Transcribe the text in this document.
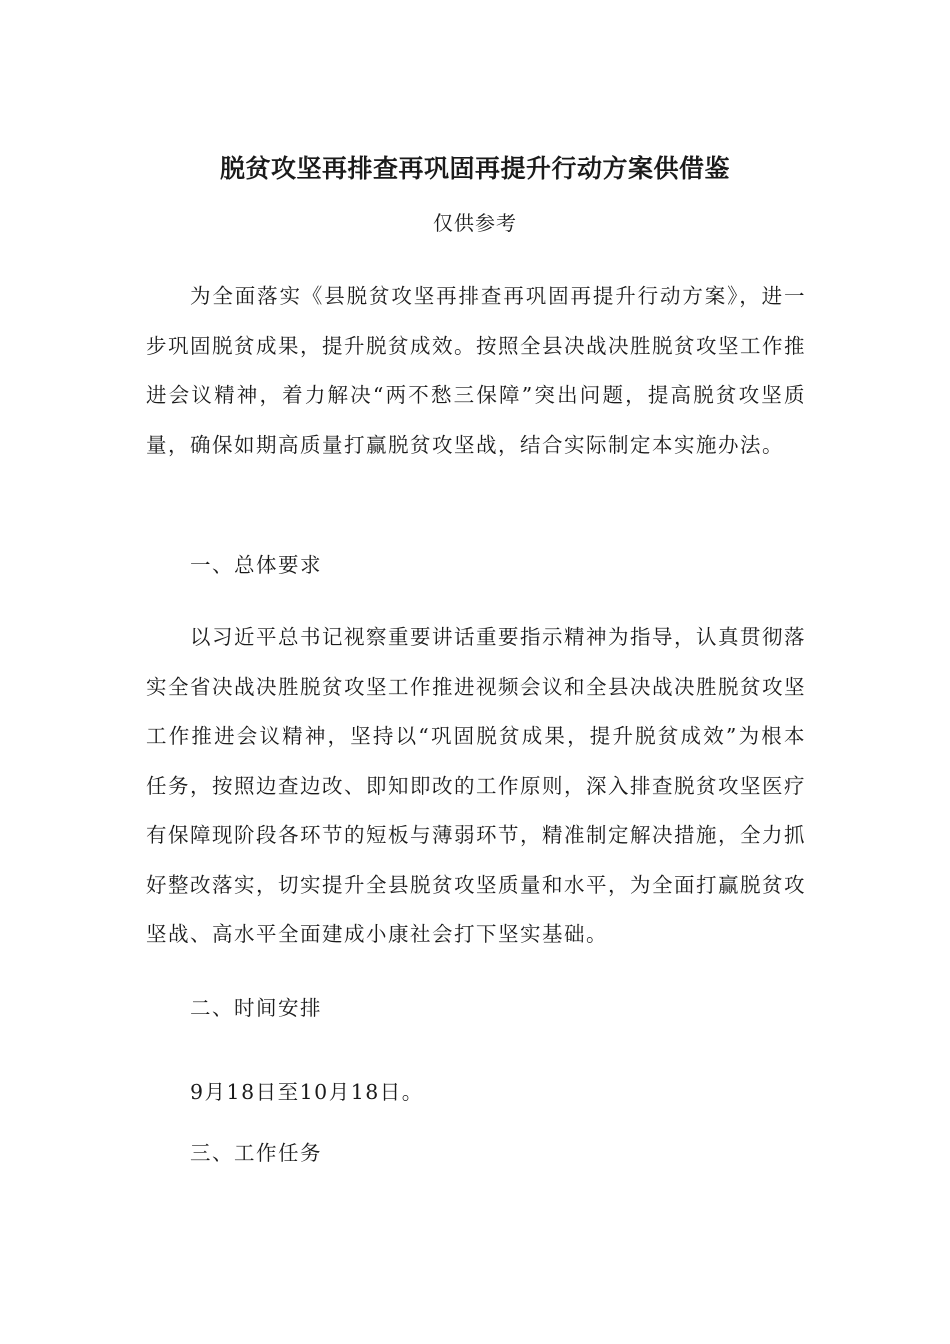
脱贫攻坚再排查再巩固再提升行动方案供借鉴
仅供参考

为全面落实《县脱贫攻坚再排查再巩固再提升行动方案》，进一步巩固脱贫成果，提升脱贫成效。按照全县决战决胜脱贫攻坚工作推进会议精神，着力解决“两不愁三保障”突出问题，提高脱贫攻坚质量，确保如期高质量打赢脱贫攻坚战，结合实际制定本实施办法。

一、总体要求

以习近平总书记视察重要讲话重要指示精神为指导，认真贯彻落实全省决战决胜脱贫攻坚工作推进视频会议和全县决战决胜脱贫攻坚工作推进会议精神，坚持以“巩固脱贫成果，提升脱贫成效”为根本任务，按照边查边改、即知即改的工作原则，深入排查脱贫攻坚医疗有保障现阶段各环节的短板与薄弱环节，精准制定解决措施，全力抓好整改落实，切实提升全县脱贫攻坚质量和水平，为全面打赢脱贫攻坚战、高水平全面建成小康社会打下坚实基础。

二、时间安排

9月18日至10月18日。

三、工作任务
